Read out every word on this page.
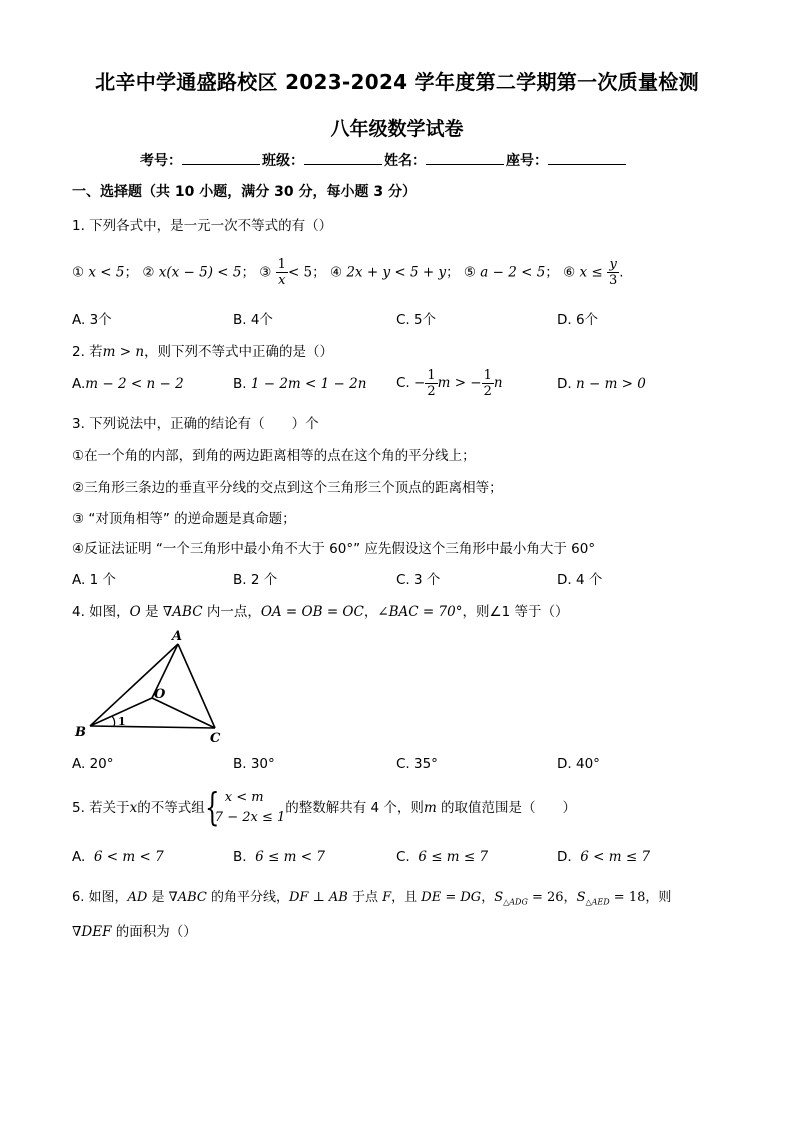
北辛中学通盛路校区 2023-2024 学年度第二学期第一次质量检测
八年级数学试卷
考号：	班级：	姓名：	座号：
一、选择题（共 10 小题，满分 30 分，每小题 3 分）
1. 下列各式中，是一元一次不等式的有（）
① x < 5； ② x(x − 5) < 5； ③ $\frac{1}{x} < 5$； ④ 2x + y < 5 + y； ⑤ a − 2 < 5； ⑥ $x \le \frac{y}{3}$ .
A. 3个	B. 4个	C. 5个	D. 6个
2. 若m > n，则下列不等式中正确的是（）
A.m − 2 < n − 2	B. 1 − 2m < 1 − 2n C. − $\frac{1}{2}$ m > − $\frac{1}{2}$ n	D. n − m > 0
3. 下列说法中，正确的结论有（　　）个
①在一个角的内部，到角的两边距离相等的点在这个角的平分线上；
②三角形三条边的垂直平分线的交点到这个三角形三个顶点的距离相等；
③ “对顶角相等” 的逆命题是真命题；
④反证法证明 “一个三角形中最小角不大于 60°” 应先假设这个三角形中最小角大于 60°
A. 1 个	B. 2 个	C. 3 个	D. 4 个
4. 如图，O 是 ∇ABC 内一点，OA = OB = OC，∠BAC = 70°，则∠1 等于（）
A
B	C
O
1
A. 20°	B. 30°	C. 35°	D. 40°
5. 若关于x的不等式组 { x < m
7 − 2x ≤ 1
的整数解共有 4 个，则m 的取值范围是（　　）
A. 6 < m < 7	B. 6 ≤ m < 7	C. 6 ≤ m ≤ 7	D. 6 < m ≤ 7
6. 如图，AD 是 ∇ABC 的角平分线，DF ⊥ AB 于点 F，且 DE = DG，$S_{\triangle ADG} = 26$，$S_{\triangle AED} = 18$，则
∇DEF 的面积为（）
